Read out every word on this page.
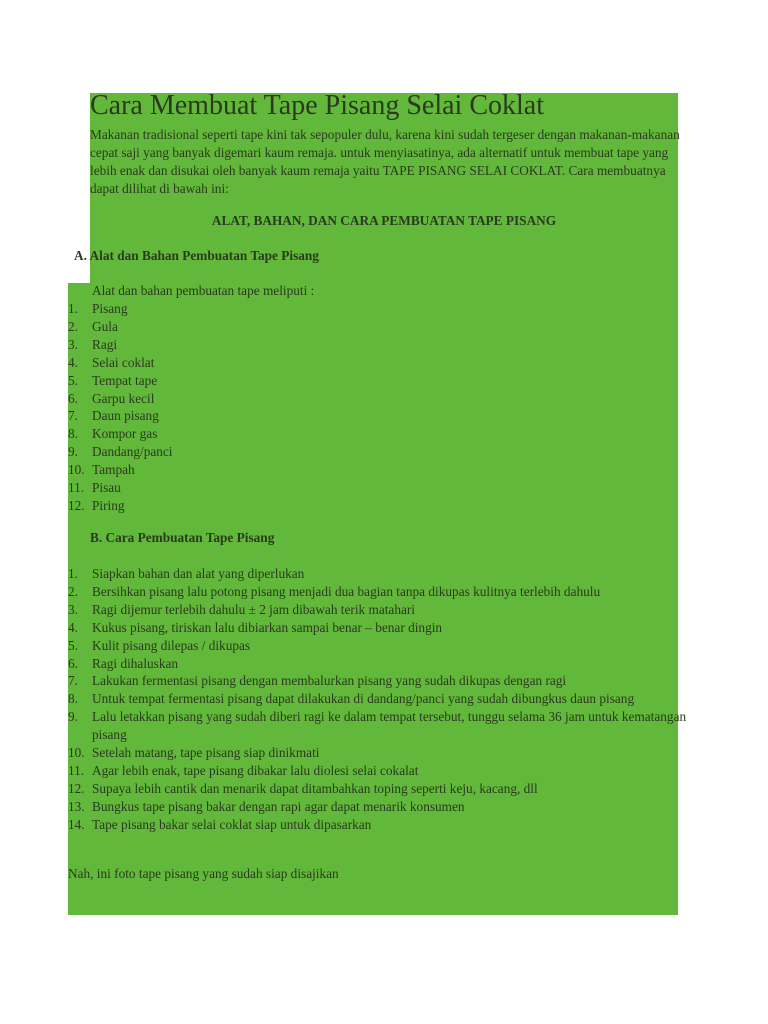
Cara Membuat Tape Pisang Selai Coklat
Makanan tradisional seperti tape kini tak sepopuler dulu, karena kini sudah tergeser dengan makanan-makanan cepat saji yang banyak digemari kaum remaja. untuk menyiasatinya, ada alternatif untuk membuat tape yang lebih enak dan disukai oleh banyak kaum remaja yaitu TAPE PISANG SELAI COKLAT. Cara membuatnya dapat dilihat di bawah ini:
ALAT, BAHAN, DAN CARA PEMBUATAN TAPE PISANG
A. Alat dan Bahan Pembuatan Tape Pisang
Alat dan bahan pembuatan tape meliputi :
1.	Pisang
2.	Gula
3.	Ragi
4.	Selai coklat
5.	Tempat tape
6.	Garpu kecil
7.	Daun pisang
8.	Kompor gas
9.	Dandang/panci
10. Tampah
11. Pisau
12. Piring
B. Cara Pembuatan Tape Pisang
1.	Siapkan bahan dan alat yang diperlukan
2.	Bersihkan pisang lalu potong pisang menjadi dua bagian tanpa dikupas kulitnya terlebih dahulu
3.	Ragi dijemur terlebih dahulu ± 2 jam dibawah terik matahari
4.	Kukus pisang, tiriskan lalu dibiarkan sampai benar – benar dingin
5.	Kulit pisang dilepas / dikupas
6.	Ragi dihaluskan
7.	Lakukan fermentasi pisang dengan membalurkan pisang yang sudah dikupas dengan ragi
8.	Untuk tempat fermentasi pisang dapat dilakukan di dandang/panci yang sudah dibungkus daun pisang
9.	Lalu letakkan pisang yang sudah diberi ragi ke dalam tempat tersebut, tunggu selama 36 jam untuk kematangan pisang
10. Setelah matang, tape pisang siap dinikmati
11. Agar lebih enak, tape pisang dibakar lalu diolesi selai cokalat
12. Supaya lebih cantik dan menarik dapat ditambahkan toping seperti keju, kacang, dll
13. Bungkus tape pisang bakar dengan rapi agar dapat menarik konsumen
14. Tape pisang bakar selai coklat siap untuk dipasarkan
Nah, ini foto tape pisang yang sudah siap disajikan
